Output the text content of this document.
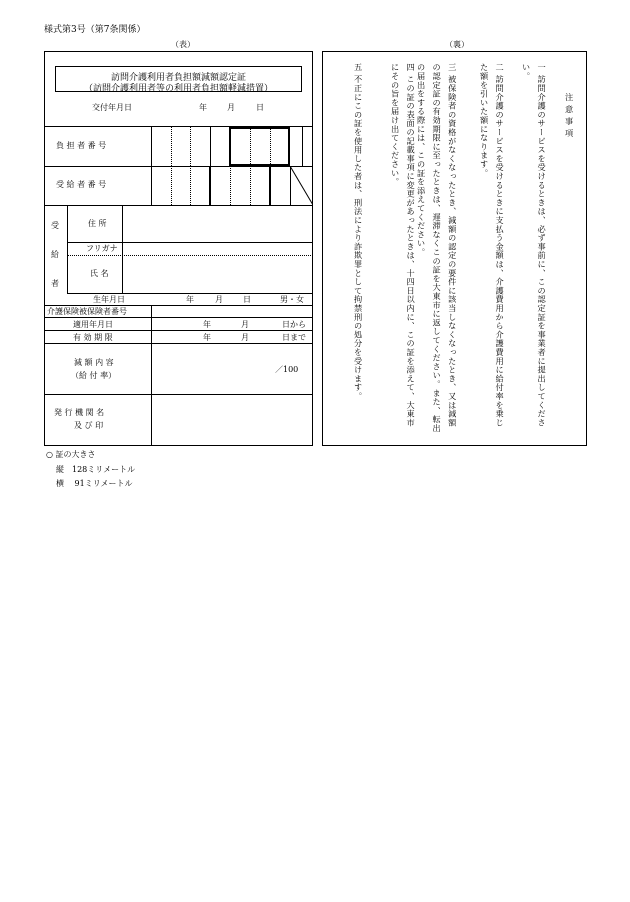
様式第3号（第7条関係）
（表）	（裏）
訪問介護利用者負担額減額認定証
（訪問介護利用者等の利用者負担額軽減措置）
交付年月日	年	月	日
負 担 者 番 号
受 給 者 番 号
受
給
者
住 所
フリガナ
氏 名
生年月日	年	月	日	男・女
介護保険被保険者番号
適用年月日	年	月	日から
有 効 期 限	年	月	日まで
減 額 内 容
（給 付 率）
／100
発 行 機 関 名
及 び 印
注 意 事 項
一 訪問介護のサービスを受けるときは、必ず事前に、この認定証を事業者に提出してください。
二 訪問介護のサービスを受けるときに支払う金額は、介護費用から介護費用に給付率を乗じた額を引いた額になります。
三 被保険者の資格がなくなったとき、減額の認定の要件に該当しなくなったとき、又は減額の認定証の有効期限に至ったときは、遅滞なくこの証を大東市に返してください。また、転出の届出をする際には、この証を添えてください。
四 この証の表面の記載事項に変更があったときは、十四日以内に、この証を添えて、大東市にその旨を届け出てください。
五 不正にこの証を使用した者は、刑法により詐欺罪として拘禁刑の処分を受けます。
○ 証の大きさ
縦　128ミリメートル
横　 91ミリメートル
